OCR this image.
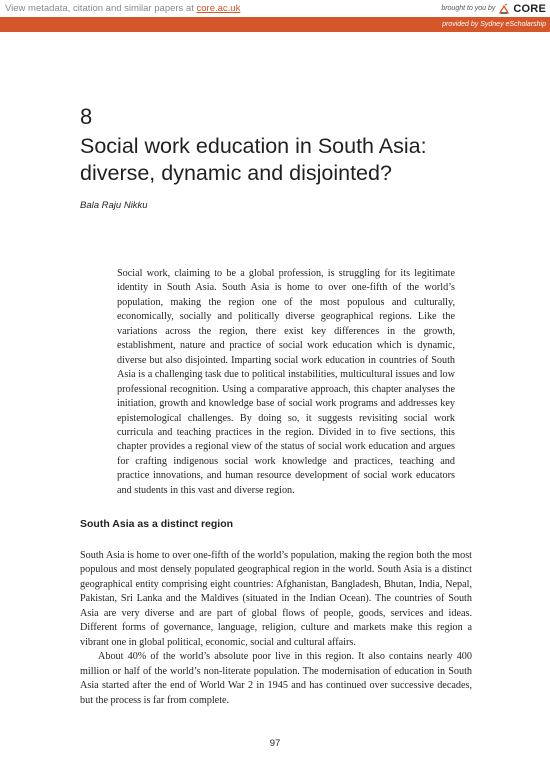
View metadata, citation and similar papers at core.ac.uk	brought to you by CORE
provided by Sydney eScholarship
8
Social work education in South Asia:
diverse, dynamic and disjointed?
Bala Raju Nikku

Social work, claiming to be a global profession, is struggling for its legitimate identity in South Asia. South Asia is home to over one-fifth of the world’s population, making the region one of the most populous and culturally, economically, socially and politically diverse geographical regions. Like the variations across the region, there exist key differences in the growth, establishment, nature and practice of social work education which is dynamic, diverse but also disjointed. Imparting social work education in countries of South Asia is a challenging task due to political instabilities, multicultural issues and low professional recognition. Using a comparative approach, this chapter analyses the initiation, growth and knowledge base of social work programs and addresses key epistemological challenges. By doing so, it suggests revisiting social work curricula and teaching practices in the region. Divided in to five sections, this chapter provides a regional view of the status of social work education and argues for crafting indigenous social work knowledge and practices, teaching and practice innovations, and human resource development of social work educators and students in this vast and diverse region.

South Asia as a distinct region

South Asia is home to over one-fifth of the world’s population, making the region both the most populous and most densely populated geographical region in the world. South Asia is a distinct geographical entity comprising eight countries: Afghanistan, Bangladesh, Bhutan, India, Nepal, Pakistan, Sri Lanka and the Maldives (situated in the Indian Ocean). The countries of South Asia are very diverse and are part of global flows of people, goods, services and ideas. Different forms of governance, language, religion, culture and markets make this region a vibrant one in global political, economic, social and cultural affairs.

About 40% of the world’s absolute poor live in this region. It also contains nearly 400 million or half of the world’s non-literate population. The modernisation of education in South Asia started after the end of World War 2 in 1945 and has continued over successive decades, but the process is far from complete.

97
